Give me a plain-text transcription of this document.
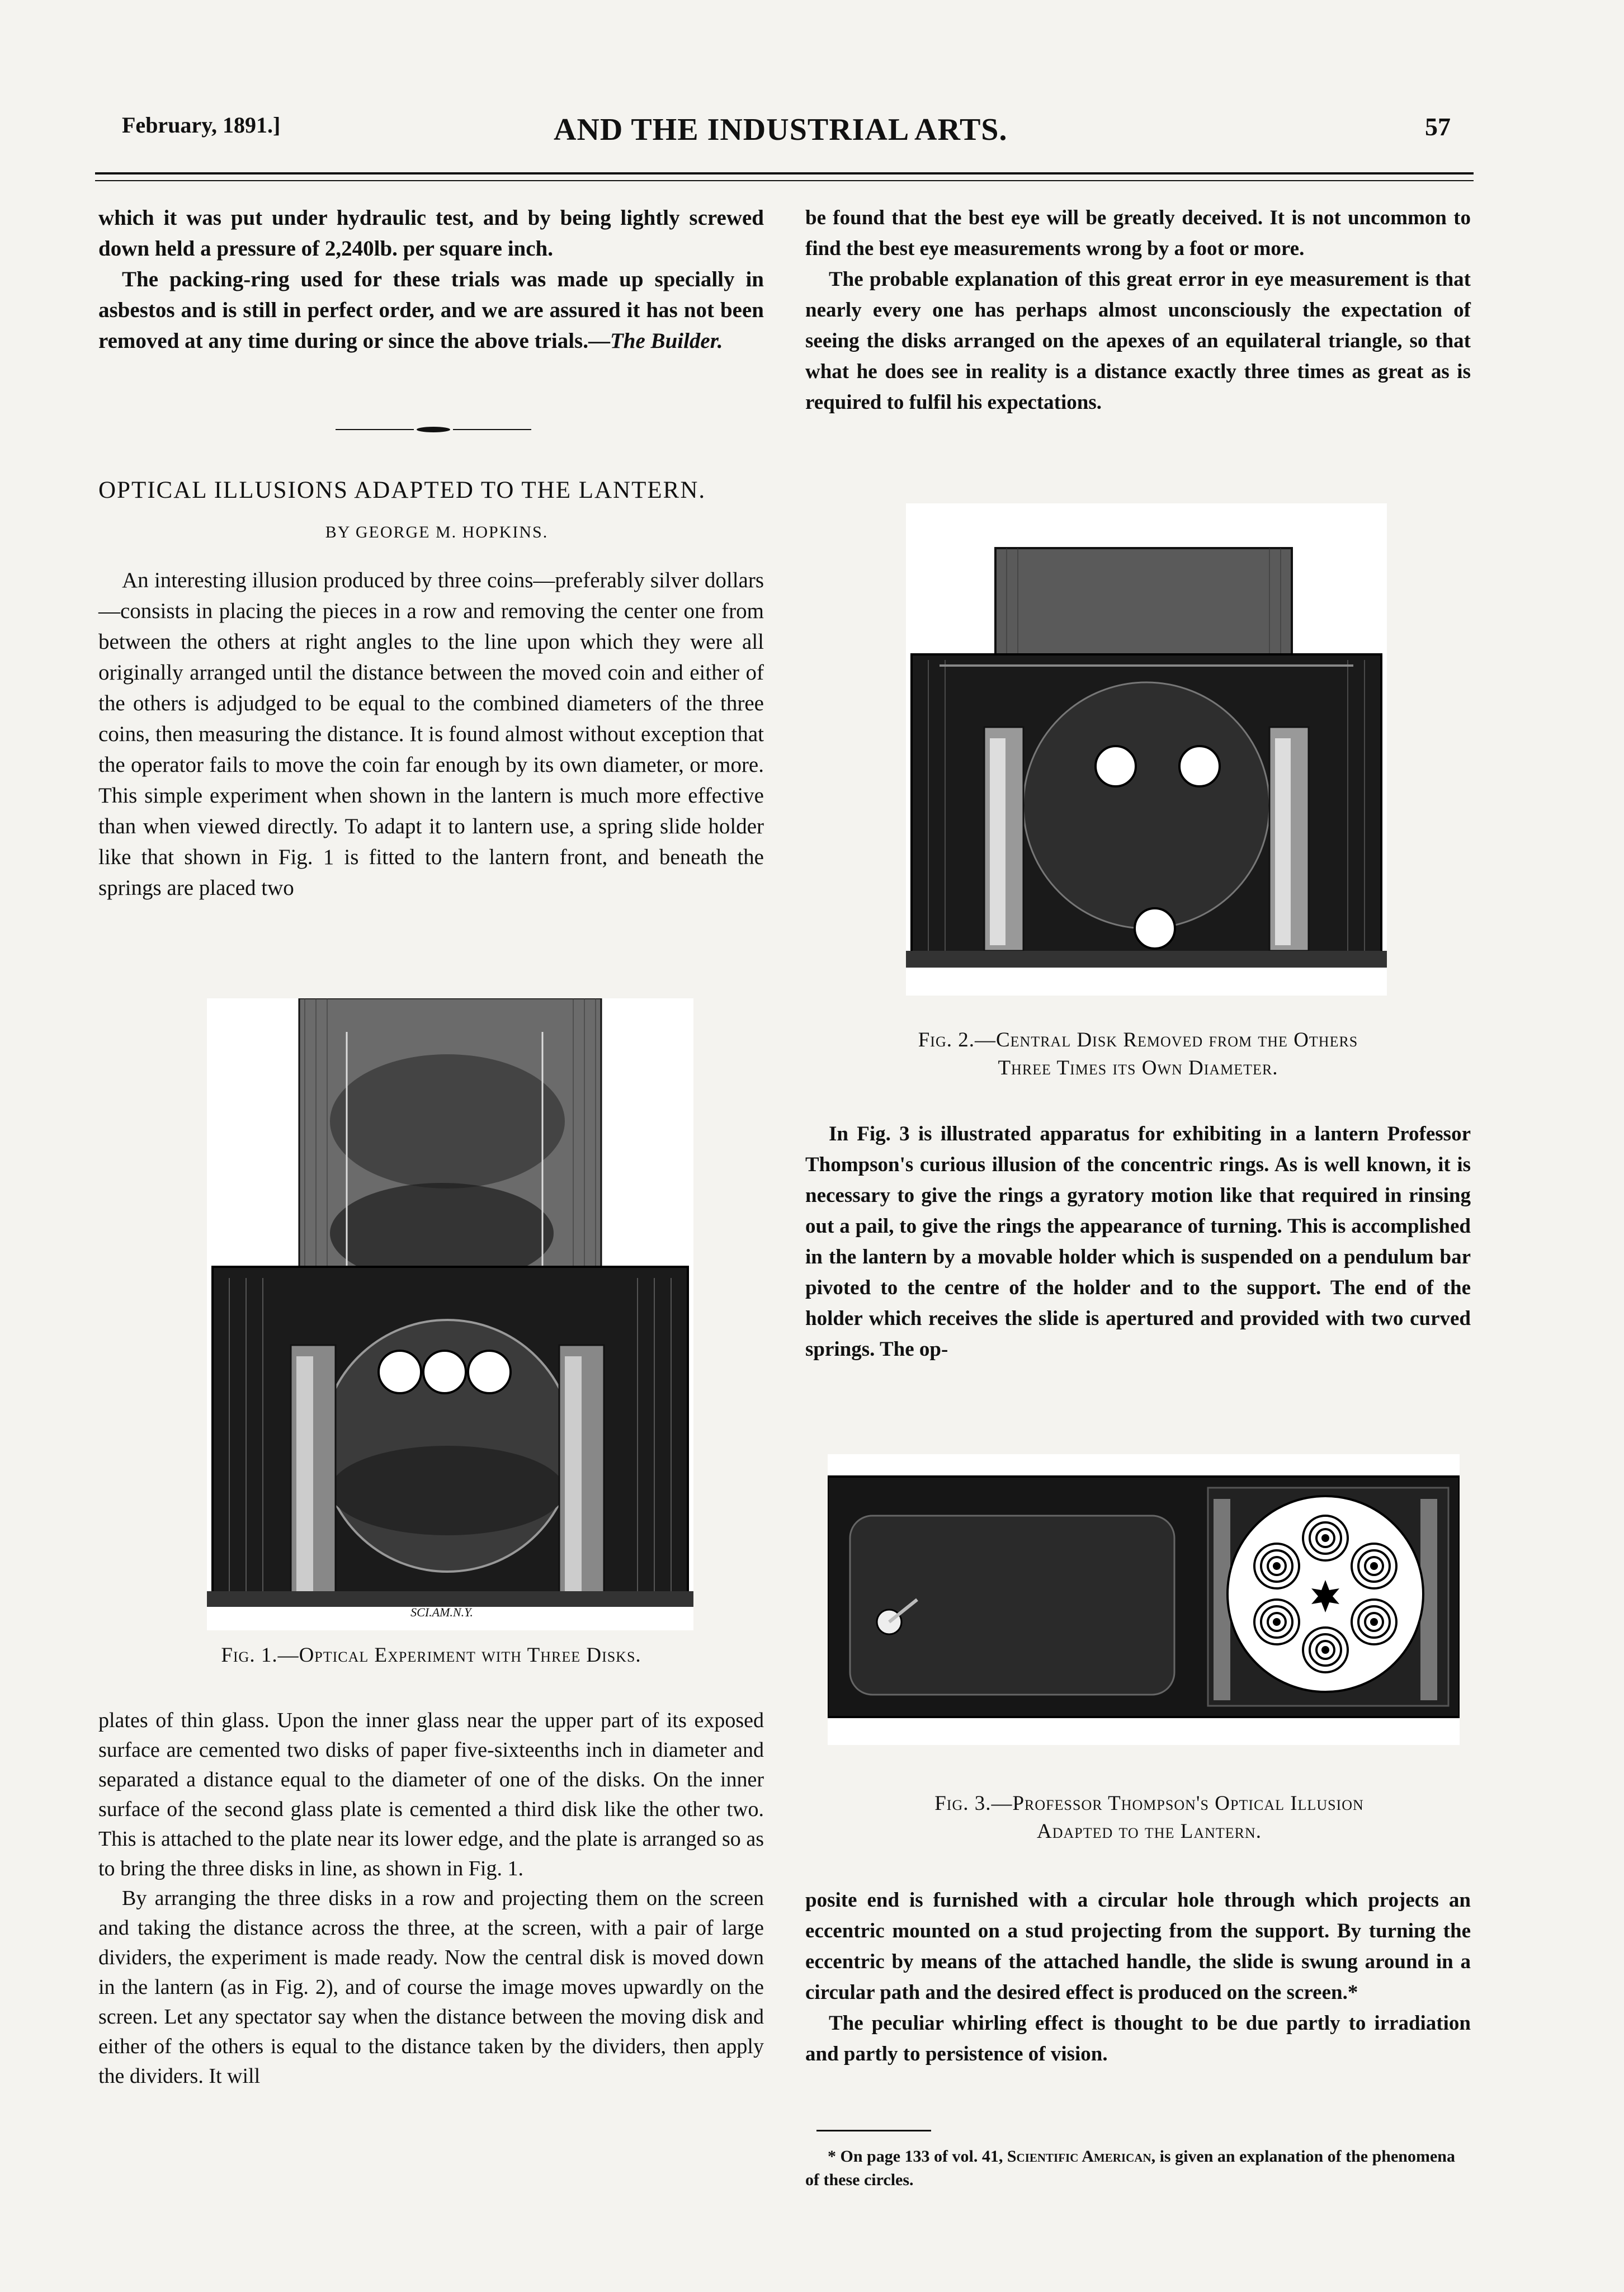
February, 1891.]	AND THE INDUSTRIAL ARTS.	57

which it was put under hydraulic test, and by being lightly screwed down held a pressure of 2,240lb. per square inch.

The packing-ring used for these trials was made up specially in asbestos and is still in perfect order, and we are assured it has not been removed at any time during or since the above trials.—The Builder.

OPTICAL ILLUSIONS ADAPTED TO THE LANTERN.
BY GEORGE M. HOPKINS.

An interesting illusion produced by three coins—preferably silver dollars—consists in placing the pieces in a row and removing the center one from between the others at right angles to the line upon which they were all originally arranged until the distance between the moved coin and either of the others is adjudged to be equal to the combined diameters of the three coins, then measuring the distance. It is found almost without exception that the operator fails to move the coin far enough by its own diameter, or more. This simple experiment when shown in the lantern is much more effective than when viewed directly. To adapt it to lantern use, a spring slide holder like that shown in Fig. 1 is fitted to the lantern front, and beneath the springs are placed two

SCI.AM.N.Y.
Fig. 1.—Optical Experiment with Three Disks.

plates of thin glass. Upon the inner glass near the upper part of its exposed surface are cemented two disks of paper five-sixteenths inch in diameter and separated a distance equal to the diameter of one of the disks. On the inner surface of the second glass plate is cemented a third disk like the other two. This is attached to the plate near its lower edge, and the plate is arranged so as to bring the three disks in line, as shown in Fig. 1.

By arranging the three disks in a row and projecting them on the screen and taking the distance across the three, at the screen, with a pair of large dividers, the experiment is made ready. Now the central disk is moved down in the lantern (as in Fig. 2), and of course the image moves upwardly on the screen. Let any spectator say when the distance between the moving disk and either of the others is equal to the distance taken by the dividers, then apply the dividers. It will

be found that the best eye will be greatly deceived. It is not uncommon to find the best eye measurements wrong by a foot or more.

The probable explanation of this great error in eye measurement is that nearly every one has perhaps almost unconsciously the expectation of seeing the disks arranged on the apexes of an equilateral triangle, so that what he does see in reality is a distance exactly three times as great as is required to fulfil his expectations.

Fig. 2.—Central Disk Removed from the Others
Three Times its Own Diameter.

In Fig. 3 is illustrated apparatus for exhibiting in a lantern Professor Thompson's curious illusion of the concentric rings. As is well known, it is necessary to give the rings a gyratory motion like that required in rinsing out a pail, to give the rings the appearance of turning. This is accomplished in the lantern by a movable holder which is suspended on a pendulum bar pivoted to the centre of the holder and to the support. The end of the holder which receives the slide is apertured and provided with two curved springs. The op-

Fig. 3.—Professor Thompson's Optical Illusion
Adapted to the Lantern.

posite end is furnished with a circular hole through which projects an eccentric mounted on a stud projecting from the support. By turning the eccentric by means of the attached handle, the slide is swung around in a circular path and the desired effect is produced on the screen.*

The peculiar whirling effect is thought to be due partly to irradiation and partly to persistence of vision.

* On page 133 of vol. 41, Scientific American, is given an explanation of the phenomena of these circles.
